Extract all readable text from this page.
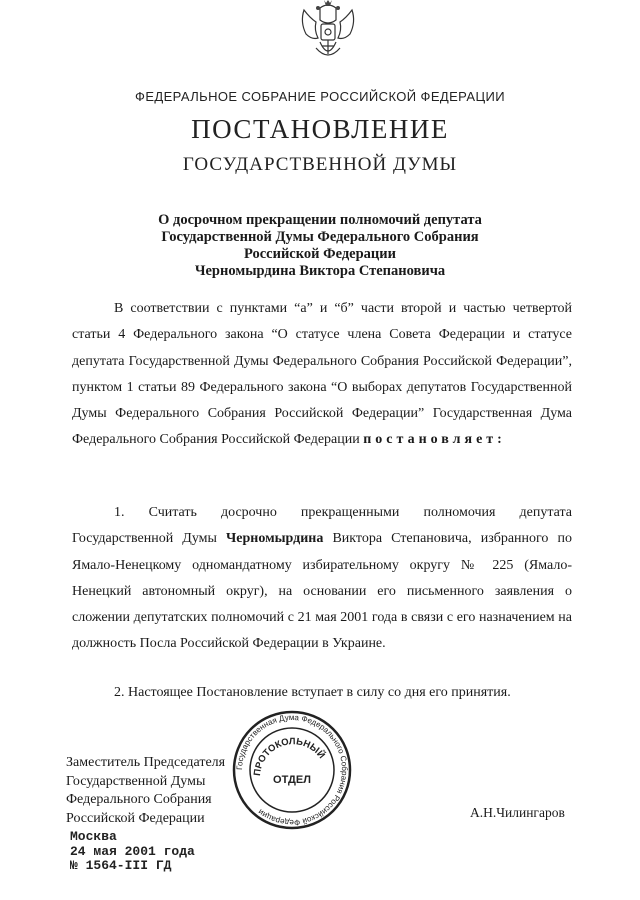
ФЕДЕРАЛЬНОЕ СОБРАНИЕ РОССИЙСКОЙ ФЕДЕРАЦИИ
ПОСТАНОВЛЕНИЕ
ГОСУДАРСТВЕННОЙ ДУМЫ
О досрочном прекращении полномочий депутата
Государственной Думы Федерального Собрания
Российской Федерации
Черномырдина Виктора Степановича
В соответствии с пунктами “а” и “б” части второй и частью четвертой статьи 4 Федерального закона “О статусе члена Совета Федерации и статусе депутата Государственной Думы Федерального Собрания Российской Федерации”, пунктом 1 статьи 89 Федерального закона “О выборах депутатов Государственной Думы Федерального Собрания Российской Федерации” Государственная Дума Федерального Собрания Российской Федерации постановляет:
1. Считать досрочно прекращенными полномочия депутата Государственной Думы Черномырдина Виктора Степановича, избранного по Ямало-Ненецкому одномандатному избирательному округу № 225 (Ямало-Ненецкий автономный округ), на основании его письменного заявления о сложении депутатских полномочий с 21 мая 2001 года в связи с его назначением на должность Посла Российской Федерации в Украине.
2. Настоящее Постановление вступает в силу со дня его принятия.
Заместитель Председателя
Государственной Думы
Федерального Собрания
Российской Федерации
Государственная Дума Федерального Собрания Российской Федерации
ПРОТОКОЛЬНЫЙ
ОТДЕЛ
А.Н.Чилингаров
Москва
24 мая 2001 года
№ 1564-III ГД
